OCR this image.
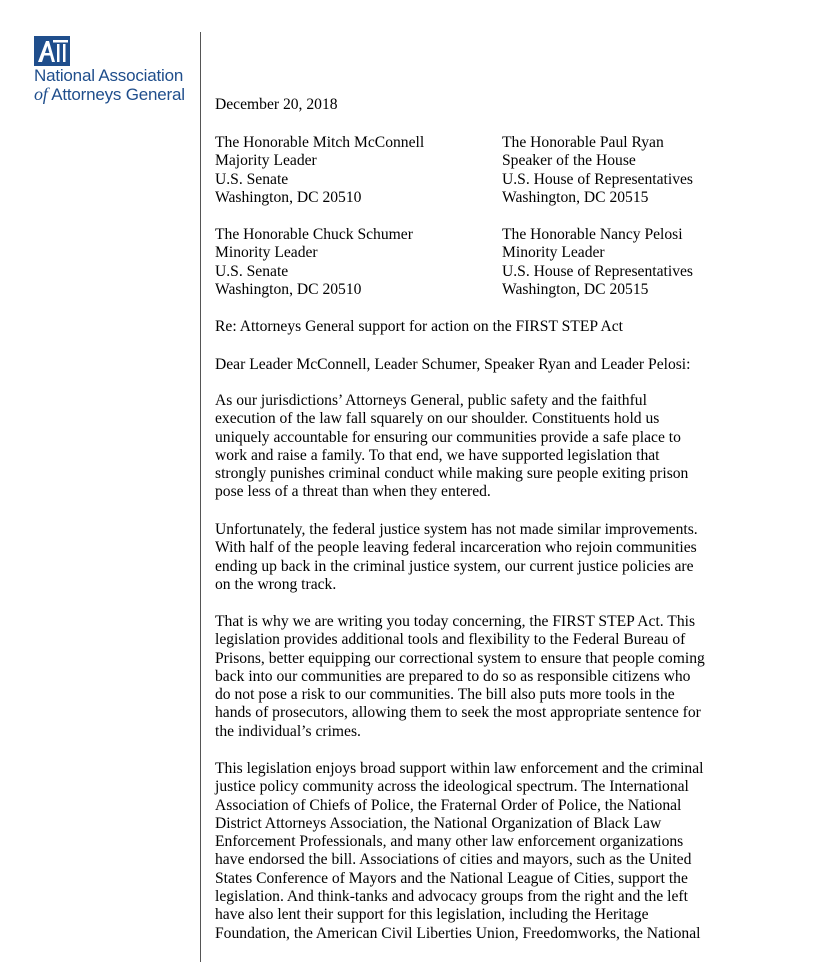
National Association
of Attorneys General
December 20, 2018
The Honorable Mitch McConnell
Majority Leader
U.S. Senate
Washington, DC 20510
The Honorable Paul Ryan
Speaker of the House
U.S. House of Representatives
Washington, DC 20515
The Honorable Chuck Schumer
Minority Leader
U.S. Senate
Washington, DC 20510
The Honorable Nancy Pelosi
Minority Leader
U.S. House of Representatives
Washington, DC 20515
Re: Attorneys General support for action on the FIRST STEP Act
Dear Leader McConnell, Leader Schumer, Speaker Ryan and Leader Pelosi:
As our jurisdictions’ Attorneys General, public safety and the faithful
execution of the law fall squarely on our shoulder. Constituents hold us
uniquely accountable for ensuring our communities provide a safe place to
work and raise a family. To that end, we have supported legislation that
strongly punishes criminal conduct while making sure people exiting prison
pose less of a threat than when they entered.
Unfortunately, the federal justice system has not made similar improvements.
With half of the people leaving federal incarceration who rejoin communities
ending up back in the criminal justice system, our current justice policies are
on the wrong track.
That is why we are writing you today concerning, the FIRST STEP Act. This
legislation provides additional tools and flexibility to the Federal Bureau of
Prisons, better equipping our correctional system to ensure that people coming
back into our communities are prepared to do so as responsible citizens who
do not pose a risk to our communities. The bill also puts more tools in the
hands of prosecutors, allowing them to seek the most appropriate sentence for
the individual’s crimes.
This legislation enjoys broad support within law enforcement and the criminal
justice policy community across the ideological spectrum. The International
Association of Chiefs of Police, the Fraternal Order of Police, the National
District Attorneys Association, the National Organization of Black Law
Enforcement Professionals, and many other law enforcement organizations
have endorsed the bill. Associations of cities and mayors, such as the United
States Conference of Mayors and the National League of Cities, support the
legislation. And think-tanks and advocacy groups from the right and the left
have also lent their support for this legislation, including the Heritage
Foundation, the American Civil Liberties Union, Freedomworks, the National
